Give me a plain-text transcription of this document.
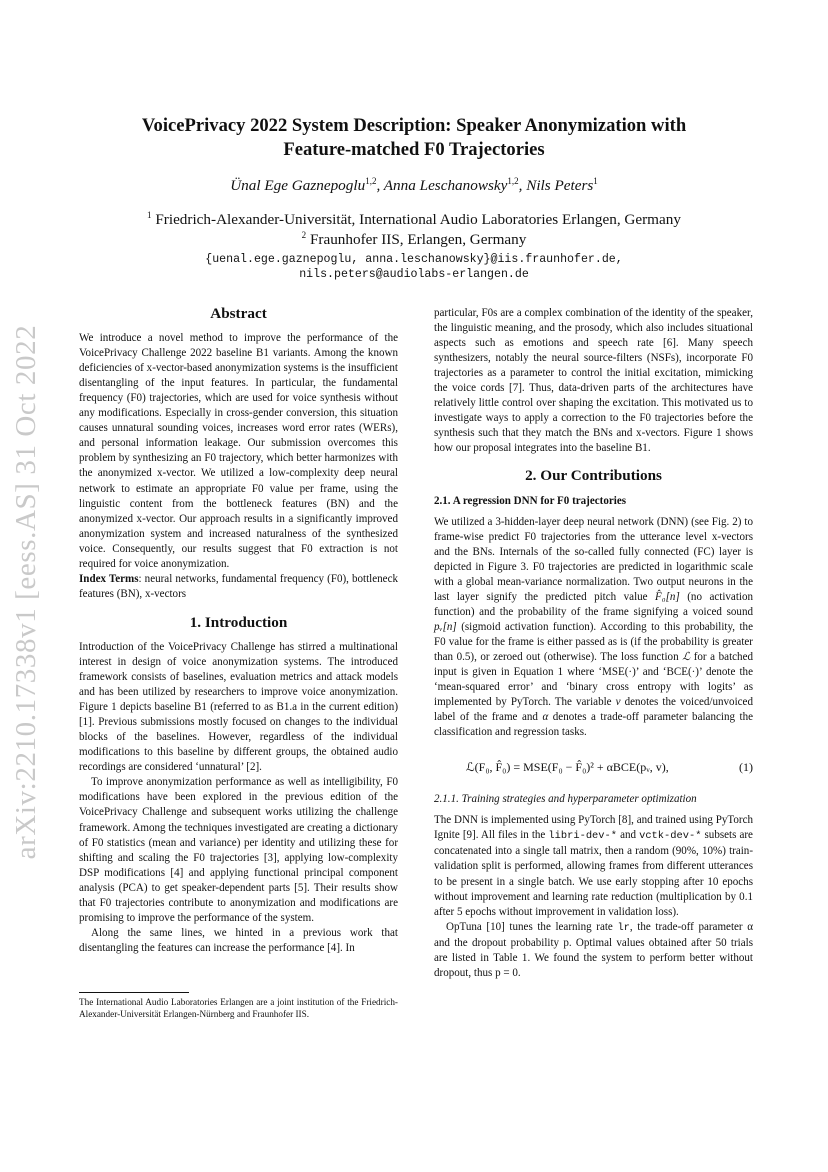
arXiv:2210.17338v1 [eess.AS] 31 Oct 2022
VoicePrivacy 2022 System Description: Speaker Anonymization with
Feature-matched F0 Trajectories
Ünal Ege Gaznepoglu$^{1,2}$, Anna Leschanowsky$^{1,2}$, Nils Peters$^1$
$^1$ Friedrich-Alexander-Universität, International Audio Laboratories Erlangen, Germany
$^2$ Fraunhofer IIS, Erlangen, Germany
{uenal.ege.gaznepoglu, anna.leschanowsky}@iis.fraunhofer.de,
nils.peters@audiolabs-erlangen.de
Abstract

We introduce a novel method to improve the performance of the VoicePrivacy Challenge 2022 baseline B1 variants. Among the known deficiencies of x-vector-based anonymization systems is the insufficient disentangling of the input features. In particular, the fundamental frequency (F0) trajectories, which are used for voice synthesis without any modifications. Especially in cross-gender conversion, this situation causes unnatural sounding voices, increases word error rates (WERs), and personal information leakage. Our submission overcomes this problem by synthesizing an F0 trajectory, which better harmonizes with the anonymized x-vector. We utilized a low-complexity deep neural network to estimate an appropriate F0 value per frame, using the linguistic content from the bottleneck features (BN) and the anonymized x-vector. Our approach results in a significantly improved anonymization system and increased naturalness of the synthesized voice. Consequently, our results suggest that F0 extraction is not required for voice anonymization.

Index Terms: neural networks, fundamental frequency (F0), bottleneck features (BN), x-vectors

1. Introduction

Introduction of the VoicePrivacy Challenge has stirred a multinational interest in design of voice anonymization systems. The introduced framework consists of baselines, evaluation metrics and attack models and has been utilized by researchers to improve voice anonymization. Figure 1 depicts baseline B1 (referred to as B1.a in the current edition) [1]. Previous submissions mostly focused on changes to the individual blocks of the baselines. However, regardless of the individual modifications to this baseline by different groups, the obtained audio recordings are considered ‘unnatural’ [2].

To improve anonymization performance as well as intelligibility, F0 modifications have been explored in the previous edition of the VoicePrivacy Challenge and subsequent works utilizing the challenge framework. Among the techniques investigated are creating a dictionary of F0 statistics (mean and variance) per identity and utilizing these for shifting and scaling the F0 trajectories [3], applying low-complexity DSP modifications [4] and applying functional principal component analysis (PCA) to get speaker-dependent parts [5]. Their results show that F0 trajectories contribute to anonymization and modifications are promising to improve the performance of the system.

Along the same lines, we hinted in a previous work that disentangling the features can increase the performance [4]. In

The International Audio Laboratories Erlangen are a joint institution of the Friedrich-Alexander-Universität Erlangen-Nürnberg and Fraunhofer IIS.

particular, F0s are a complex combination of the identity of the speaker, the linguistic meaning, and the prosody, which also includes situational aspects such as emotions and speech rate [6]. Many speech synthesizers, notably the neural source-filters (NSFs), incorporate F0 trajectories as a parameter to control the initial excitation, mimicking the voice cords [7]. Thus, data-driven parts of the architectures have relatively little control over shaping the excitation. This motivated us to investigate ways to apply a correction to the F0 trajectories before the synthesis such that they match the BNs and x-vectors. Figure 1 shows how our proposal integrates into the baseline B1.

2. Our Contributions
2.1. A regression DNN for F0 trajectories

We utilized a 3-hidden-layer deep neural network (DNN) (see Fig. 2) to frame-wise predict F0 trajectories from the utterance level x-vectors and the BNs. Internals of the so-called fully connected (FC) layer is depicted in Figure 3. F0 trajectories are predicted in logarithmic scale with a global mean-variance normalization. Two output neurons in the last layer signify the predicted pitch value F̂₀[n] (no activation function) and the probability of the frame signifying a voiced sound pᵥ[n] (sigmoid activation function). According to this probability, the F0 value for the frame is either passed as is (if the probability is greater than 0.5), or zeroed out (otherwise). The loss function ℒ for a batched input is given in Equation 1 where ‘MSE(·)’ and ‘BCE(·)’ denote the ‘mean-squared error’ and ‘binary cross entropy with logits’ as implemented by PyTorch. The variable v denotes the voiced/unvoiced label of the frame and α denotes a trade-off parameter balancing the classification and regression tasks.

ℒ(F₀, F̂₀) = MSE(F₀ − F̂₀)² + αBCE(pᵥ, v),	(1)
2.1.1. Training strategies and hyperparameter optimization

The DNN is implemented using PyTorch [8], and trained using PyTorch Ignite [9]. All files in the libri-dev-* and vctk-dev-* subsets are concatenated into a single tall matrix, then a random (90%, 10%) train-validation split is performed, allowing frames from different utterances to be present in a single batch. We use early stopping after 10 epochs without improvement and learning rate reduction (multiplication by 0.1 after 5 epochs without improvement in validation loss).

OpTuna [10] tunes the learning rate lr, the trade-off parameter α and the dropout probability p. Optimal values obtained after 50 trials are listed in Table 1. We found the system to perform better without dropout, thus p = 0.
